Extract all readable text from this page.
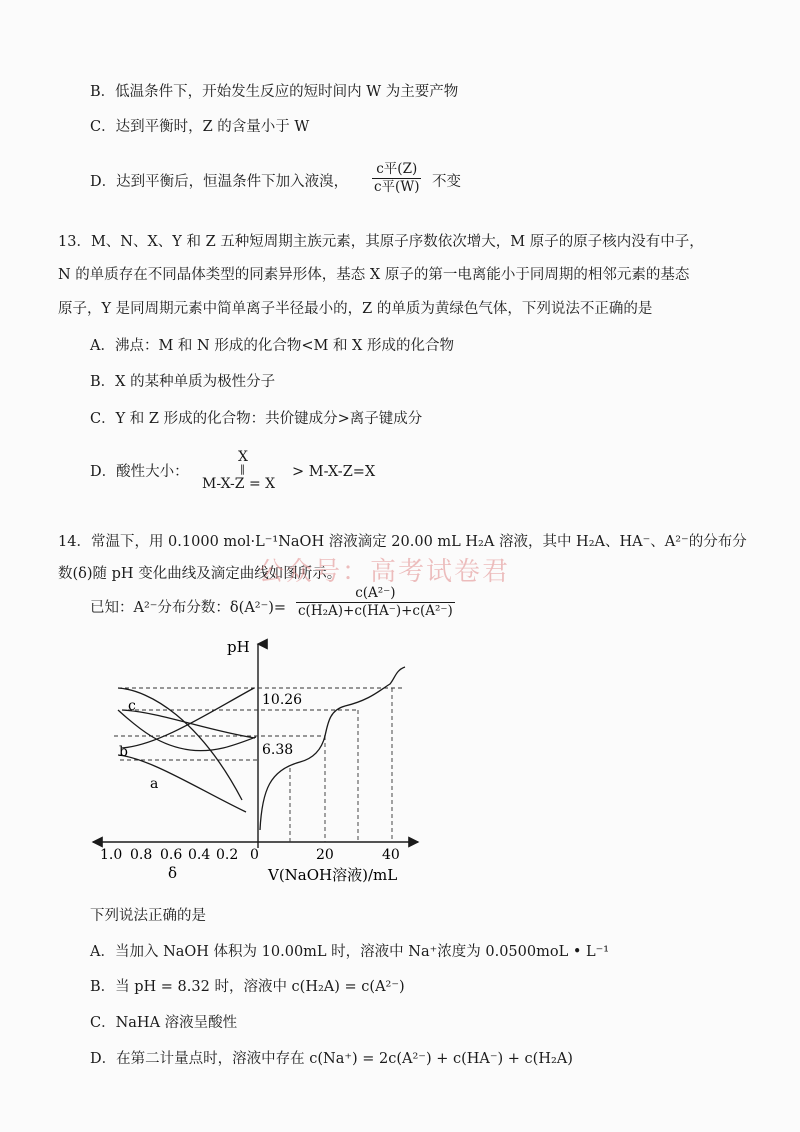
B．低温条件下，开始发生反应的短时间内 W 为主要产物
C．达到平衡时，Z 的含量小于 W
D．达到平衡后，恒温条件下加入液溴，
c平(Z)
c平(W) 不变
13．M、N、X、Y 和 Z 五种短周期主族元素，其原子序数依次增大，M 原子的原子核内没有中子，
N 的单质存在不同晶体类型的同素异形体，基态 X 原子的第一电离能小于同周期的相邻元素的基态
原子，Y 是同周期元素中简单离子半径最小的，Z 的单质为黄绿色气体，下列说法不正确的是
A．沸点：M 和 N 形成的化合物<M 和 X 形成的化合物
B．X 的某种单质为极性分子
C．Y 和 Z 形成的化合物：共价键成分>离子键成分
D．酸性大小：
X
‖
M-X-Z = X
> M-X-Z=X
14．常温下，用 0.1000 mol·L⁻¹NaOH 溶液滴定 20.00 mL H₂A 溶液，其中 H₂A、HA⁻、A²⁻的分布分
数(δ)随 pH 变化曲线及滴定曲线如图所示。
公众号：高考试卷君
已知：A²⁻分布分数：$\delta(A^{2-})= \frac{\text{c(A²⁻)}}{\text{c(H₂A)+c(HA⁻)+c(A²⁻)}}$
pH
10.26
6.38
c
b
a
1.0 0.8 0.6 0.4 0.2 0	20	40
δ	V(NaOH溶液)/mL
下列说法正确的是
A．当加入 NaOH 体积为 10.00mL 时，溶液中 Na⁺浓度为 0.0500moL • L⁻¹
B．当 pH = 8.32 时，溶液中 c(H₂A) = c(A²⁻)
C．NaHA 溶液呈酸性
D．在第二计量点时，溶液中存在 c(Na⁺) = 2c(A²⁻) + c(HA⁻) + c(H₂A)
